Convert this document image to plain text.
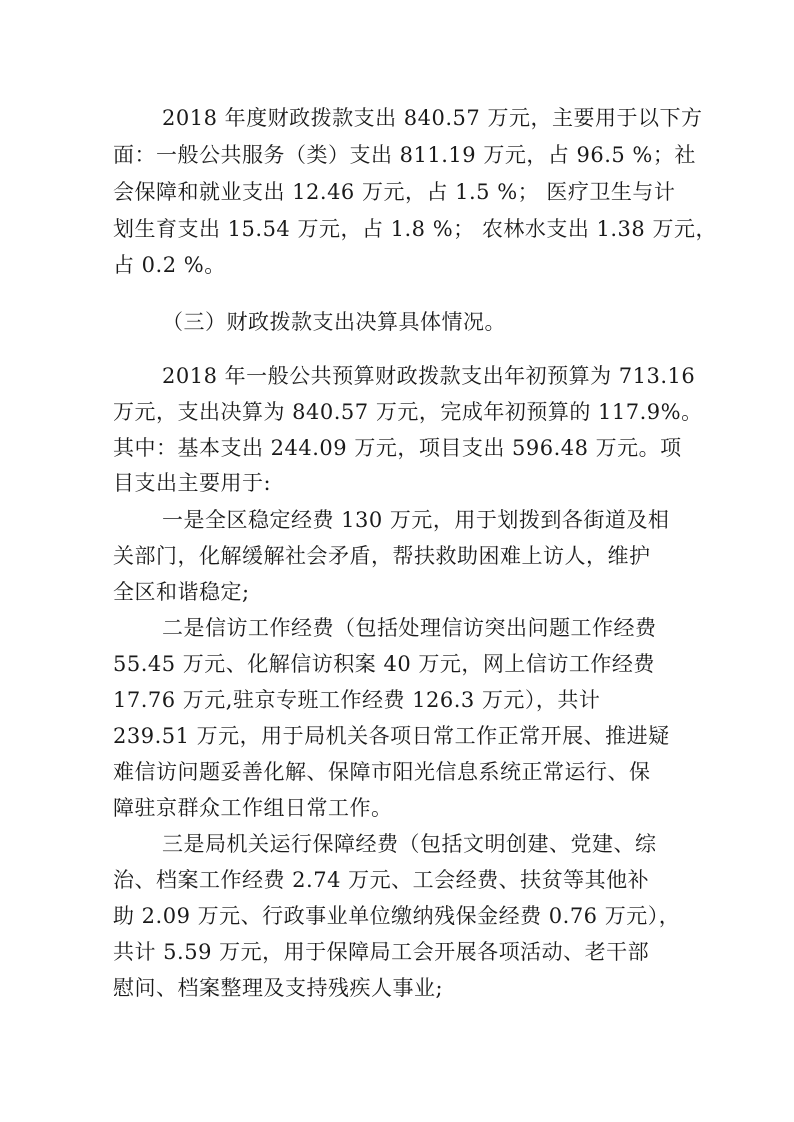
2018 年度财政拨款支出 840.57 万元，主要用于以下方
面：一般公共服务（类）支出 811.19 万元，占 96.5 %；社
会保障和就业支出 12.46 万元，占 1.5 %； 医疗卫生与计
划生育支出 15.54 万元，占 1.8 %； 农林水支出 1.38 万元，
占 0.2 %。
（三）财政拨款支出决算具体情况。
2018 年一般公共预算财政拨款支出年初预算为 713.16
万元，支出决算为 840.57 万元，完成年初预算的 117.9%。
其中：基本支出 244.09 万元，项目支出 596.48 万元。项
目支出主要用于:
一是全区稳定经费 130 万元，用于划拨到各街道及相
关部门，化解缓解社会矛盾，帮扶救助困难上访人，维护
全区和谐稳定;
二是信访工作经费（包括处理信访突出问题工作经费
55.45 万元、化解信访积案 40 万元，网上信访工作经费
17.76 万元,驻京专班工作经费 126.3 万元），共计
239.51 万元，用于局机关各项日常工作正常开展、推进疑
难信访问题妥善化解、保障市阳光信息系统正常运行、保
障驻京群众工作组日常工作。
三是局机关运行保障经费（包括文明创建、党建、综
治、档案工作经费 2.74 万元、工会经费、扶贫等其他补
助 2.09 万元、行政事业单位缴纳残保金经费 0.76 万元），
共计 5.59 万元，用于保障局工会开展各项活动、老干部
慰问、档案整理及支持残疾人事业;
